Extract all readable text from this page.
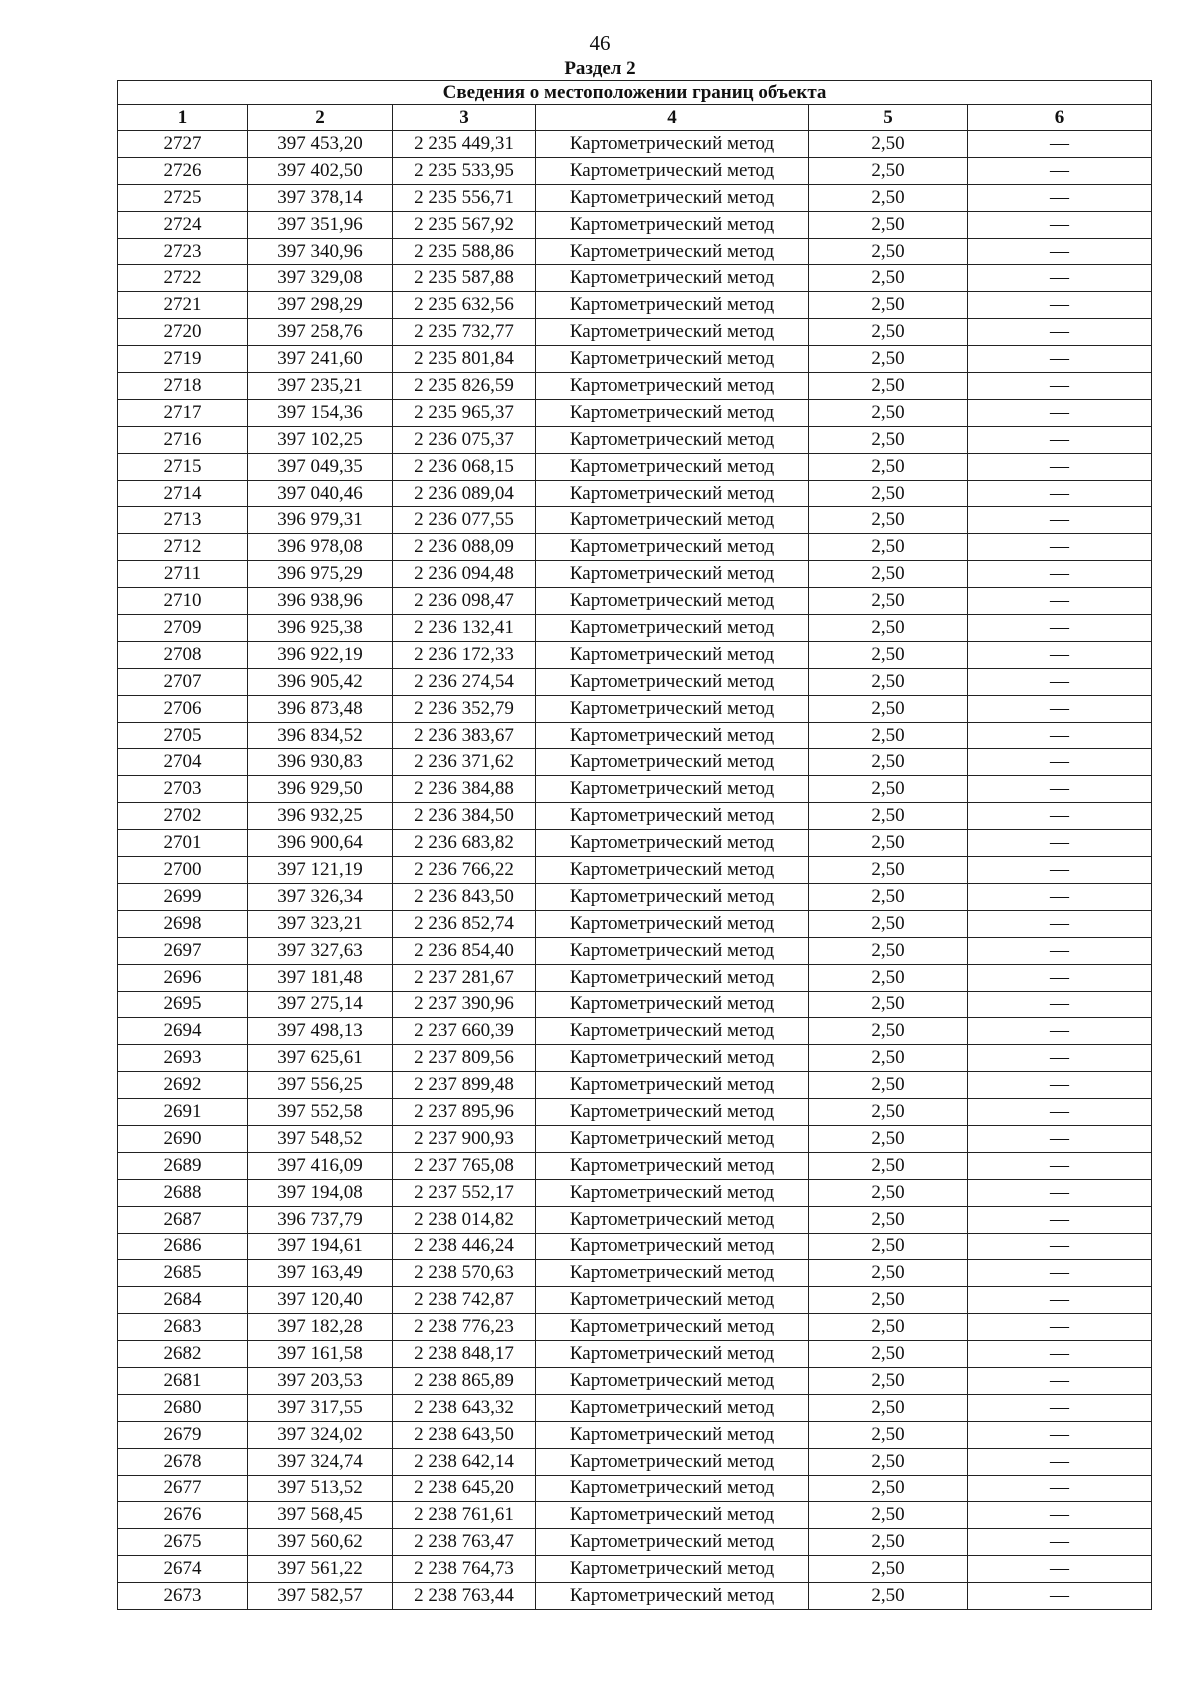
46
Раздел 2
Сведения о местоположении границ объекта					
1	2	3	4	5	6
2727	397 453,20	2 235 449,31	Картометрический метод	2,50	—
2726	397 402,50	2 235 533,95	Картометрический метод	2,50	—
2725	397 378,14	2 235 556,71	Картометрический метод	2,50	—
2724	397 351,96	2 235 567,92	Картометрический метод	2,50	—
2723	397 340,96	2 235 588,86	Картометрический метод	2,50	—
2722	397 329,08	2 235 587,88	Картометрический метод	2,50	—
2721	397 298,29	2 235 632,56	Картометрический метод	2,50	—
2720	397 258,76	2 235 732,77	Картометрический метод	2,50	—
2719	397 241,60	2 235 801,84	Картометрический метод	2,50	—
2718	397 235,21	2 235 826,59	Картометрический метод	2,50	—
2717	397 154,36	2 235 965,37	Картометрический метод	2,50	—
2716	397 102,25	2 236 075,37	Картометрический метод	2,50	—
2715	397 049,35	2 236 068,15	Картометрический метод	2,50	—
2714	397 040,46	2 236 089,04	Картометрический метод	2,50	—
2713	396 979,31	2 236 077,55	Картометрический метод	2,50	—
2712	396 978,08	2 236 088,09	Картометрический метод	2,50	—
2711	396 975,29	2 236 094,48	Картометрический метод	2,50	—
2710	396 938,96	2 236 098,47	Картометрический метод	2,50	—
2709	396 925,38	2 236 132,41	Картометрический метод	2,50	—
2708	396 922,19	2 236 172,33	Картометрический метод	2,50	—
2707	396 905,42	2 236 274,54	Картометрический метод	2,50	—
2706	396 873,48	2 236 352,79	Картометрический метод	2,50	—
2705	396 834,52	2 236 383,67	Картометрический метод	2,50	—
2704	396 930,83	2 236 371,62	Картометрический метод	2,50	—
2703	396 929,50	2 236 384,88	Картометрический метод	2,50	—
2702	396 932,25	2 236 384,50	Картометрический метод	2,50	—
2701	396 900,64	2 236 683,82	Картометрический метод	2,50	—
2700	397 121,19	2 236 766,22	Картометрический метод	2,50	—
2699	397 326,34	2 236 843,50	Картометрический метод	2,50	—
2698	397 323,21	2 236 852,74	Картометрический метод	2,50	—
2697	397 327,63	2 236 854,40	Картометрический метод	2,50	—
2696	397 181,48	2 237 281,67	Картометрический метод	2,50	—
2695	397 275,14	2 237 390,96	Картометрический метод	2,50	—
2694	397 498,13	2 237 660,39	Картометрический метод	2,50	—
2693	397 625,61	2 237 809,56	Картометрический метод	2,50	—
2692	397 556,25	2 237 899,48	Картометрический метод	2,50	—
2691	397 552,58	2 237 895,96	Картометрический метод	2,50	—
2690	397 548,52	2 237 900,93	Картометрический метод	2,50	—
2689	397 416,09	2 237 765,08	Картометрический метод	2,50	—
2688	397 194,08	2 237 552,17	Картометрический метод	2,50	—
2687	396 737,79	2 238 014,82	Картометрический метод	2,50	—
2686	397 194,61	2 238 446,24	Картометрический метод	2,50	—
2685	397 163,49	2 238 570,63	Картометрический метод	2,50	—
2684	397 120,40	2 238 742,87	Картометрический метод	2,50	—
2683	397 182,28	2 238 776,23	Картометрический метод	2,50	—
2682	397 161,58	2 238 848,17	Картометрический метод	2,50	—
2681	397 203,53	2 238 865,89	Картометрический метод	2,50	—
2680	397 317,55	2 238 643,32	Картометрический метод	2,50	—
2679	397 324,02	2 238 643,50	Картометрический метод	2,50	—
2678	397 324,74	2 238 642,14	Картометрический метод	2,50	—
2677	397 513,52	2 238 645,20	Картометрический метод	2,50	—
2676	397 568,45	2 238 761,61	Картометрический метод	2,50	—
2675	397 560,62	2 238 763,47	Картометрический метод	2,50	—
2674	397 561,22	2 238 764,73	Картометрический метод	2,50	—
2673	397 582,57	2 238 763,44	Картометрический метод	2,50	—
